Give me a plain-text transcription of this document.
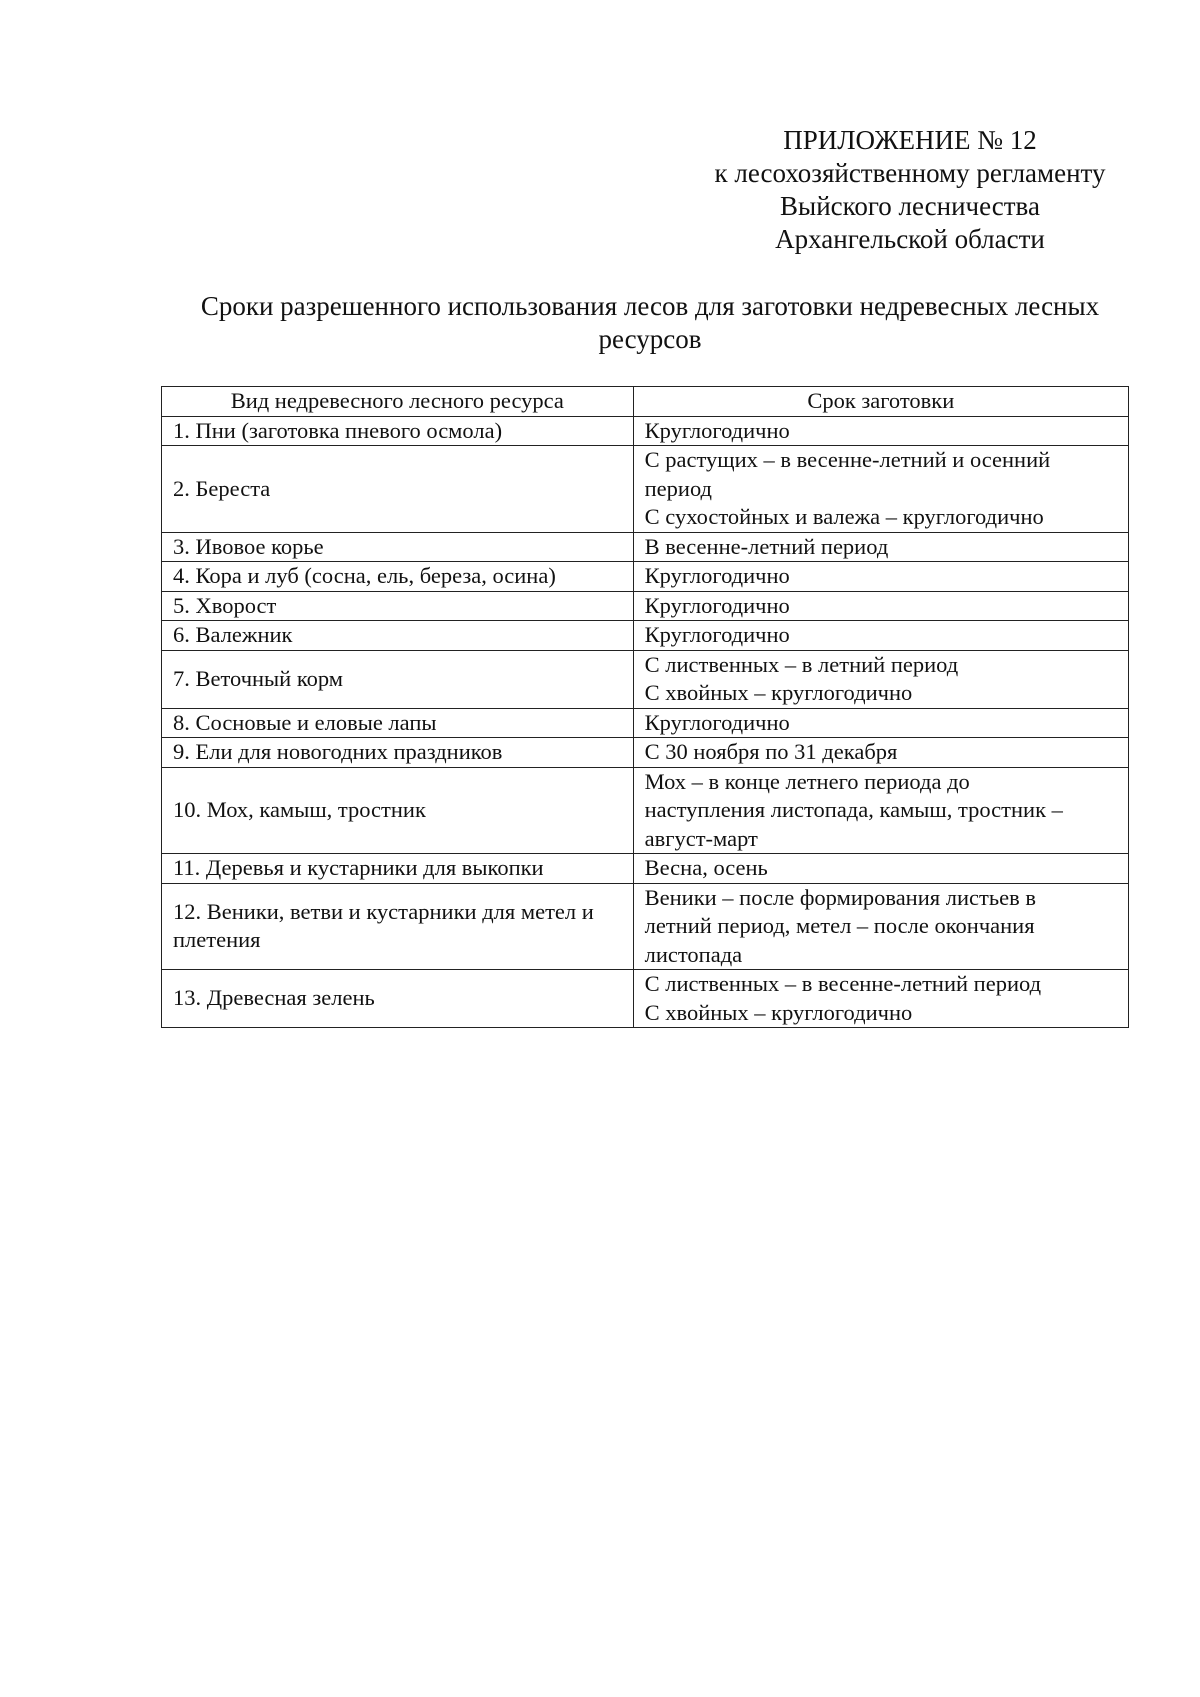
ПРИЛОЖЕНИЕ № 12
к лесохозяйственному регламенту
Выйского лесничества
Архангельской области
Сроки разрешенного использования лесов для заготовки недревесных лесных
ресурсов
Вид недревесного лесного ресурса	Срок заготовки
1. Пни (заготовка пневого осмола)	Круглогодично

2. Береста	С растущих – в весенне-летний и осенний
период
С сухостойных и валежа – круглогодично

3. Ивовое корье	В весенне-летний период

4. Кора и луб (сосна, ель, береза, осина)	Круглогодично

5. Хворост	Круглогодично

6. Валежник	Круглогодично

7. Веточный корм	С лиственных – в летний период
С хвойных – круглогодично

8. Сосновые и еловые лапы	Круглогодично

9. Ели для новогодних праздников	С 30 ноября по 31 декабря

10. Мох, камыш, тростник	Мох – в конце летнего периода до
наступления листопада, камыш, тростник –
август-март

11. Деревья и кустарники для выкопки	Весна, осень

12. Веники, ветви и кустарники для метел и плетения	Веники – после формирования листьев в
летний период, метел – после окончания
листопада

13. Древесная зелень	С лиственных – в весенне-летний период
С хвойных – круглогодично
